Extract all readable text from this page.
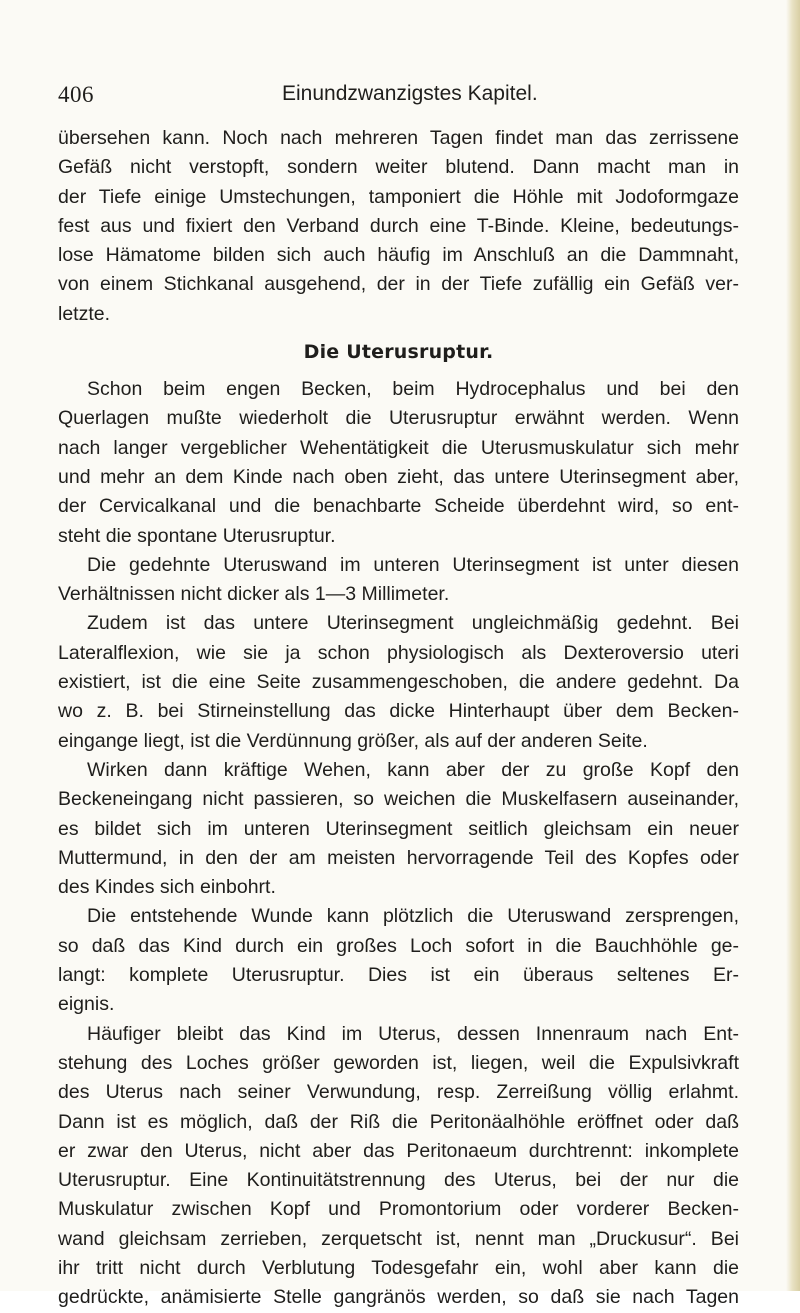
406	Einundzwanzigstes Kapitel.
übersehen kann. Noch nach mehreren Tagen findet man das zerrissene
Gefäß nicht verstopft, sondern weiter blutend. Dann macht man in
der Tiefe einige Umstechungen, tamponiert die Höhle mit Jodoformgaze
fest aus und fixiert den Verband durch eine T-Binde. Kleine, bedeutungs-
lose Hämatome bilden sich auch häufig im Anschluß an die Dammnaht,
von einem Stichkanal ausgehend, der in der Tiefe zufällig ein Gefäß ver-
letzte.
Die Uterusruptur.
Schon beim engen Becken, beim Hydrocephalus und bei den
Querlagen mußte wiederholt die Uterusruptur erwähnt werden. Wenn
nach langer vergeblicher Wehentätigkeit die Uterusmuskulatur sich mehr
und mehr an dem Kinde nach oben zieht, das untere Uterinsegment aber,
der Cervicalkanal und die benachbarte Scheide überdehnt wird, so ent-
steht die spontane Uterusruptur.
Die gedehnte Uteruswand im unteren Uterinsegment ist unter diesen
Verhältnissen nicht dicker als 1—3 Millimeter.
Zudem ist das untere Uterinsegment ungleichmäßig gedehnt. Bei
Lateralflexion, wie sie ja schon physiologisch als Dexteroversio uteri
existiert, ist die eine Seite zusammengeschoben, die andere gedehnt. Da
wo z. B. bei Stirneinstellung das dicke Hinterhaupt über dem Becken-
eingange liegt, ist die Verdünnung größer, als auf der anderen Seite.
Wirken dann kräftige Wehen, kann aber der zu große Kopf den
Beckeneingang nicht passieren, so weichen die Muskelfasern auseinander,
es bildet sich im unteren Uterinsegment seitlich gleichsam ein neuer
Muttermund, in den der am meisten hervorragende Teil des Kopfes oder
des Kindes sich einbohrt.
Die entstehende Wunde kann plötzlich die Uteruswand zersprengen,
so daß das Kind durch ein großes Loch sofort in die Bauchhöhle ge-
langt: komplete Uterusruptur. Dies ist ein überaus seltenes Er-
eignis.
Häufiger bleibt das Kind im Uterus, dessen Innenraum nach Ent-
stehung des Loches größer geworden ist, liegen, weil die Expulsivkraft
des Uterus nach seiner Verwundung, resp. Zerreißung völlig erlahmt.
Dann ist es möglich, daß der Riß die Peritonäalhöhle eröffnet oder daß
er zwar den Uterus, nicht aber das Peritonaeum durchtrennt: inkomplete
Uterusruptur. Eine Kontinuitätstrennung des Uterus, bei der nur die
Muskulatur zwischen Kopf und Promontorium oder vorderer Becken-
wand gleichsam zerrieben, zerquetscht ist, nennt man „Druckusur“. Bei
ihr tritt nicht durch Verblutung Todesgefahr ein, wohl aber kann die
gedrückte, anämisierte Stelle gangränös werden, so daß sie nach Tagen
